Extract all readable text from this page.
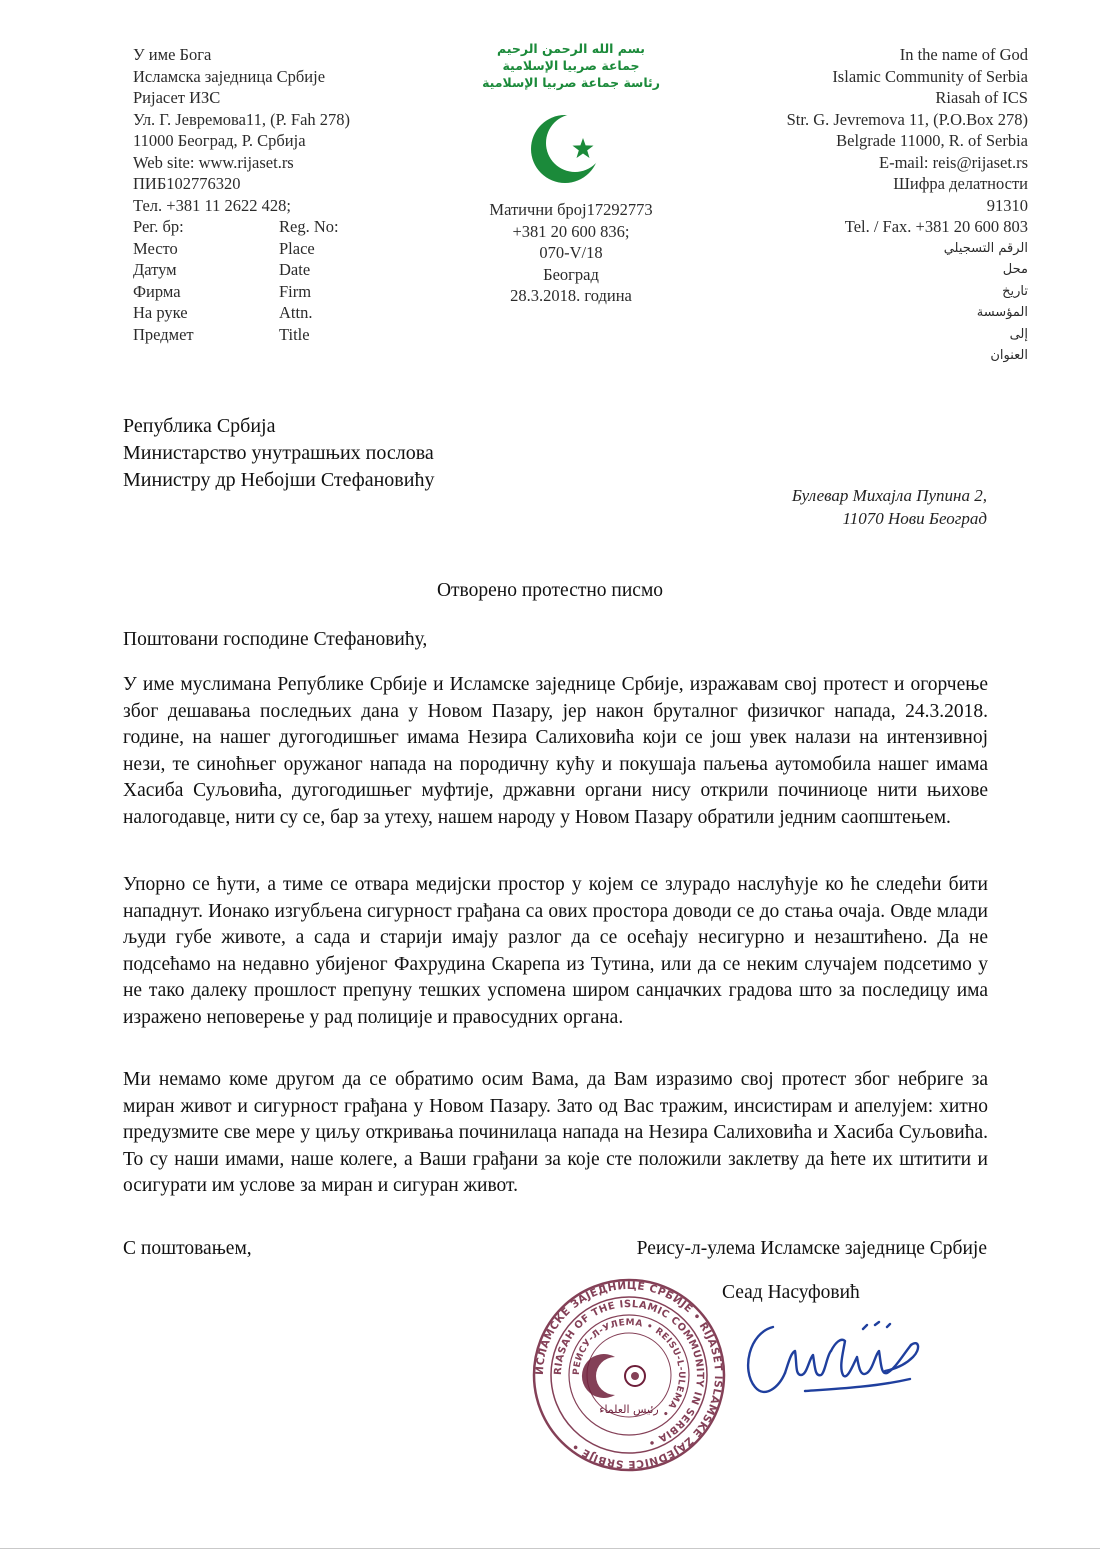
У име Бога
Исламска заједница Србије
Ријасет ИЗС
Ул. Г. Јевремова11, (Р. Fah 278)
11000 Београд, Р. Србија
Web site: www.rijaset.rs
ПИБ102776320
Тел. +381 11 2622 428;
Рег. бр:	Reg. No:
Место	Place
Датум	Date
Фирма	Firm
На руке	Attn.
Предмет	Title
بسم الله الرحمن الرحيم
جماعة صربيا الإسلامية
رئاسة جماعة صربيا الإسلامية
Матични број17292773
+381 20 600 836;
070-V/18
Београд
28.3.2018. година
In the name of God
Islamic Community of Serbia
Riasah of ICS
Str. G. Jevremova 11, (P.O.Box 278)
Belgrade 11000, R. of Serbia
E-mail: reis@rijaset.rs
Шифра делатности
91310
Tel. / Fax. +381 20 600 803
الرقم التسجيلي
محل
تاريخ
المؤسسة
إلى
العنوان
Република Србија
Министарство унутрашњих послова
Министру др Небојши Стефановићу
Булевар Михајла Пупина 2,
11070 Нови Београд
Отворено протестно писмо
Поштовани господине Стефановићу,
У име муслимана Републике Србије и Исламске заједнице Србије, изражавам свој протест и огорчење због дешавања последњих дана у Новом Пазару, јер након бруталног физичког напада, 24.3.2018. године, на нашег дугогодишњег имама Незира Салиховића који се још увек налази на интензивној нези, те синоћњег оружаног напада на породичну кућу и покушаја паљења аутомобила нашег имама Хасиба Суљовића, дугогодишњег муфтије, државни органи нису открили починиоце нити њихове налогодавце, нити су се, бар за утеху, нашем народу у Новом Пазару обратили једним саопштењем.
Упорно се ћути, а тиме се отвара медијски простор у којем се злурадо наслућује ко ће следећи бити нападнут. Ионако изгубљена сигурност грађана са ових простора доводи се до стања очаја. Овде млади људи губе животе, а сада и старији имају разлог да се осећају несигурно и незаштићено. Да не подсећамо на недавно убијеног Фахрудина Скарепа из Тутина, или да се неким случајем подсетимо у не тако далеку прошлост препуну тешких успомена широм санџачких градова што за последицу има изражено неповерење у рад полиције и правосудних органа.
Ми немамо коме другом да се обратимо осим Вама, да Вам изразимо свој протест због небриге за миран живот и сигурност грађана у Новом Пазару. Зато од Вас тражим, инсистирам и апелујем: хитно предузмите све мере у циљу откривања починилаца напада на Незира Салиховића и Хасиба Суљовића. То су наши имами, наше колеге, а Ваши грађани за које сте положили заклетву да ћете их штитити и осигурати им услове за миран и сигуран живот.
С поштовањем,	Реису-л-улема Исламске заједнице Србије
ИСЛАМСКЕ ЗАЈЕДНИЦЕ СРБИЈЕ • RIJASET ISLAMSKE ZAJEDNICE SRBIJE •
RIASAH OF THE ISLAMIC COMMUNITY IN SERBIA •
РЕИСУ-Л-УЛЕМА • REISU-L-ULEMA •
رئيس العلماء
Сеад Насуфовић
